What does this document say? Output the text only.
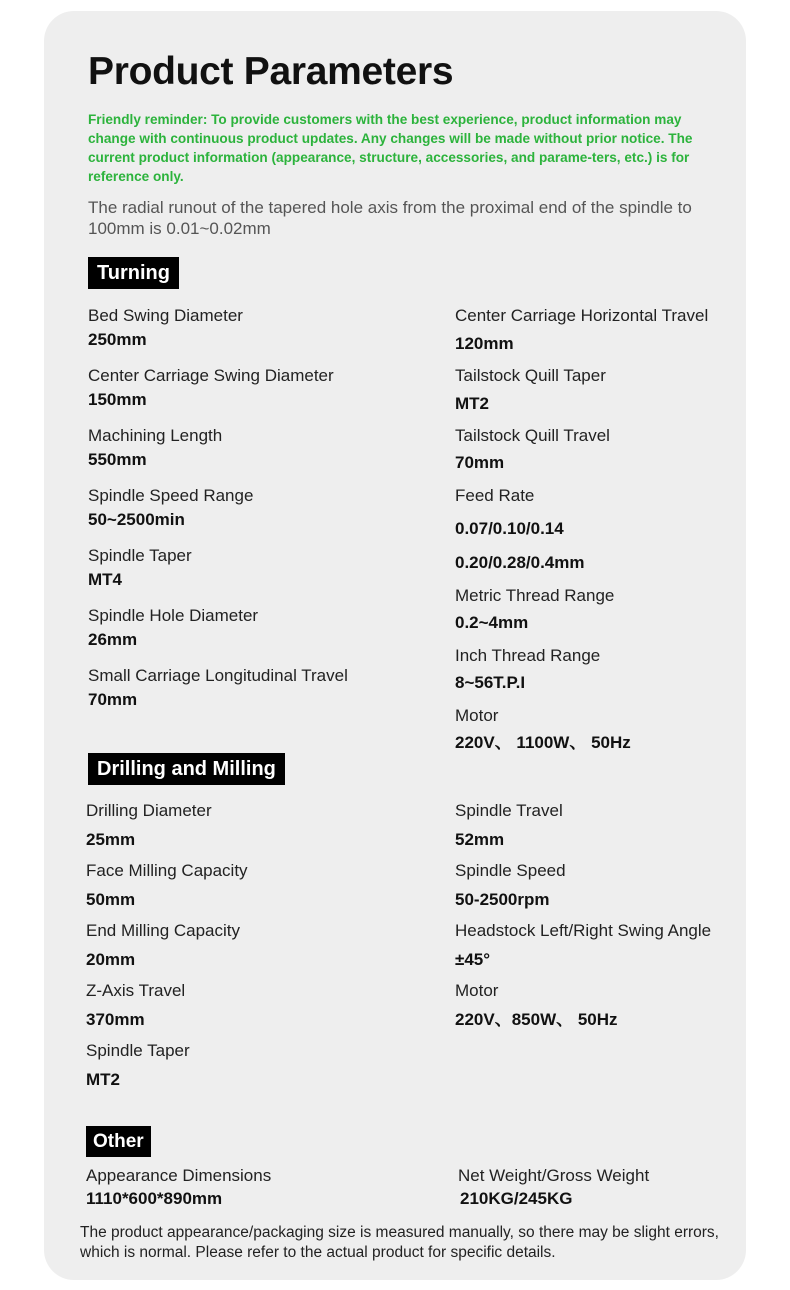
Product Parameters
Friendly reminder: To provide customers with the best experience, product information may change with continuous product updates. Any changes will be made without prior notice. The current product information (appearance, structure, accessories, and parame-ters, etc.) is for reference only.
The radial runout of the tapered hole axis from the proximal end of the spindle to 100mm is 0.01~0.02mm
Turning
Drilling and Milling
Other
Bed Swing Diameter
250mm
Center Carriage Swing Diameter
150mm
Machining Length
550mm
Spindle Speed Range
50~2500min
Spindle Taper
MT4
Spindle Hole Diameter
26mm
Small Carriage Longitudinal Travel
70mm
Center Carriage Horizontal Travel
120mm
Tailstock Quill Taper
MT2
Tailstock Quill Travel
70mm
Feed Rate
0.07/0.10/0.14
0.20/0.28/0.4mm
Metric Thread Range
0.2~4mm
Inch Thread Range
8~56T.P.I
Motor
220V、 1100W、 50Hz
Drilling Diameter
25mm
Face Milling Capacity
50mm
End Milling Capacity
20mm
Z-Axis Travel
370mm
Spindle Taper
MT2
Spindle Travel
52mm
Spindle Speed
50-2500rpm
Headstock Left/Right Swing Angle
±45°
Motor
220V、850W、 50Hz
Appearance Dimensions
1110*600*890mm
Net Weight/Gross Weight
210KG/245KG
The product appearance/packaging size is measured manually, so there may be slight errors, which is normal. Please refer to the actual product for specific details.
